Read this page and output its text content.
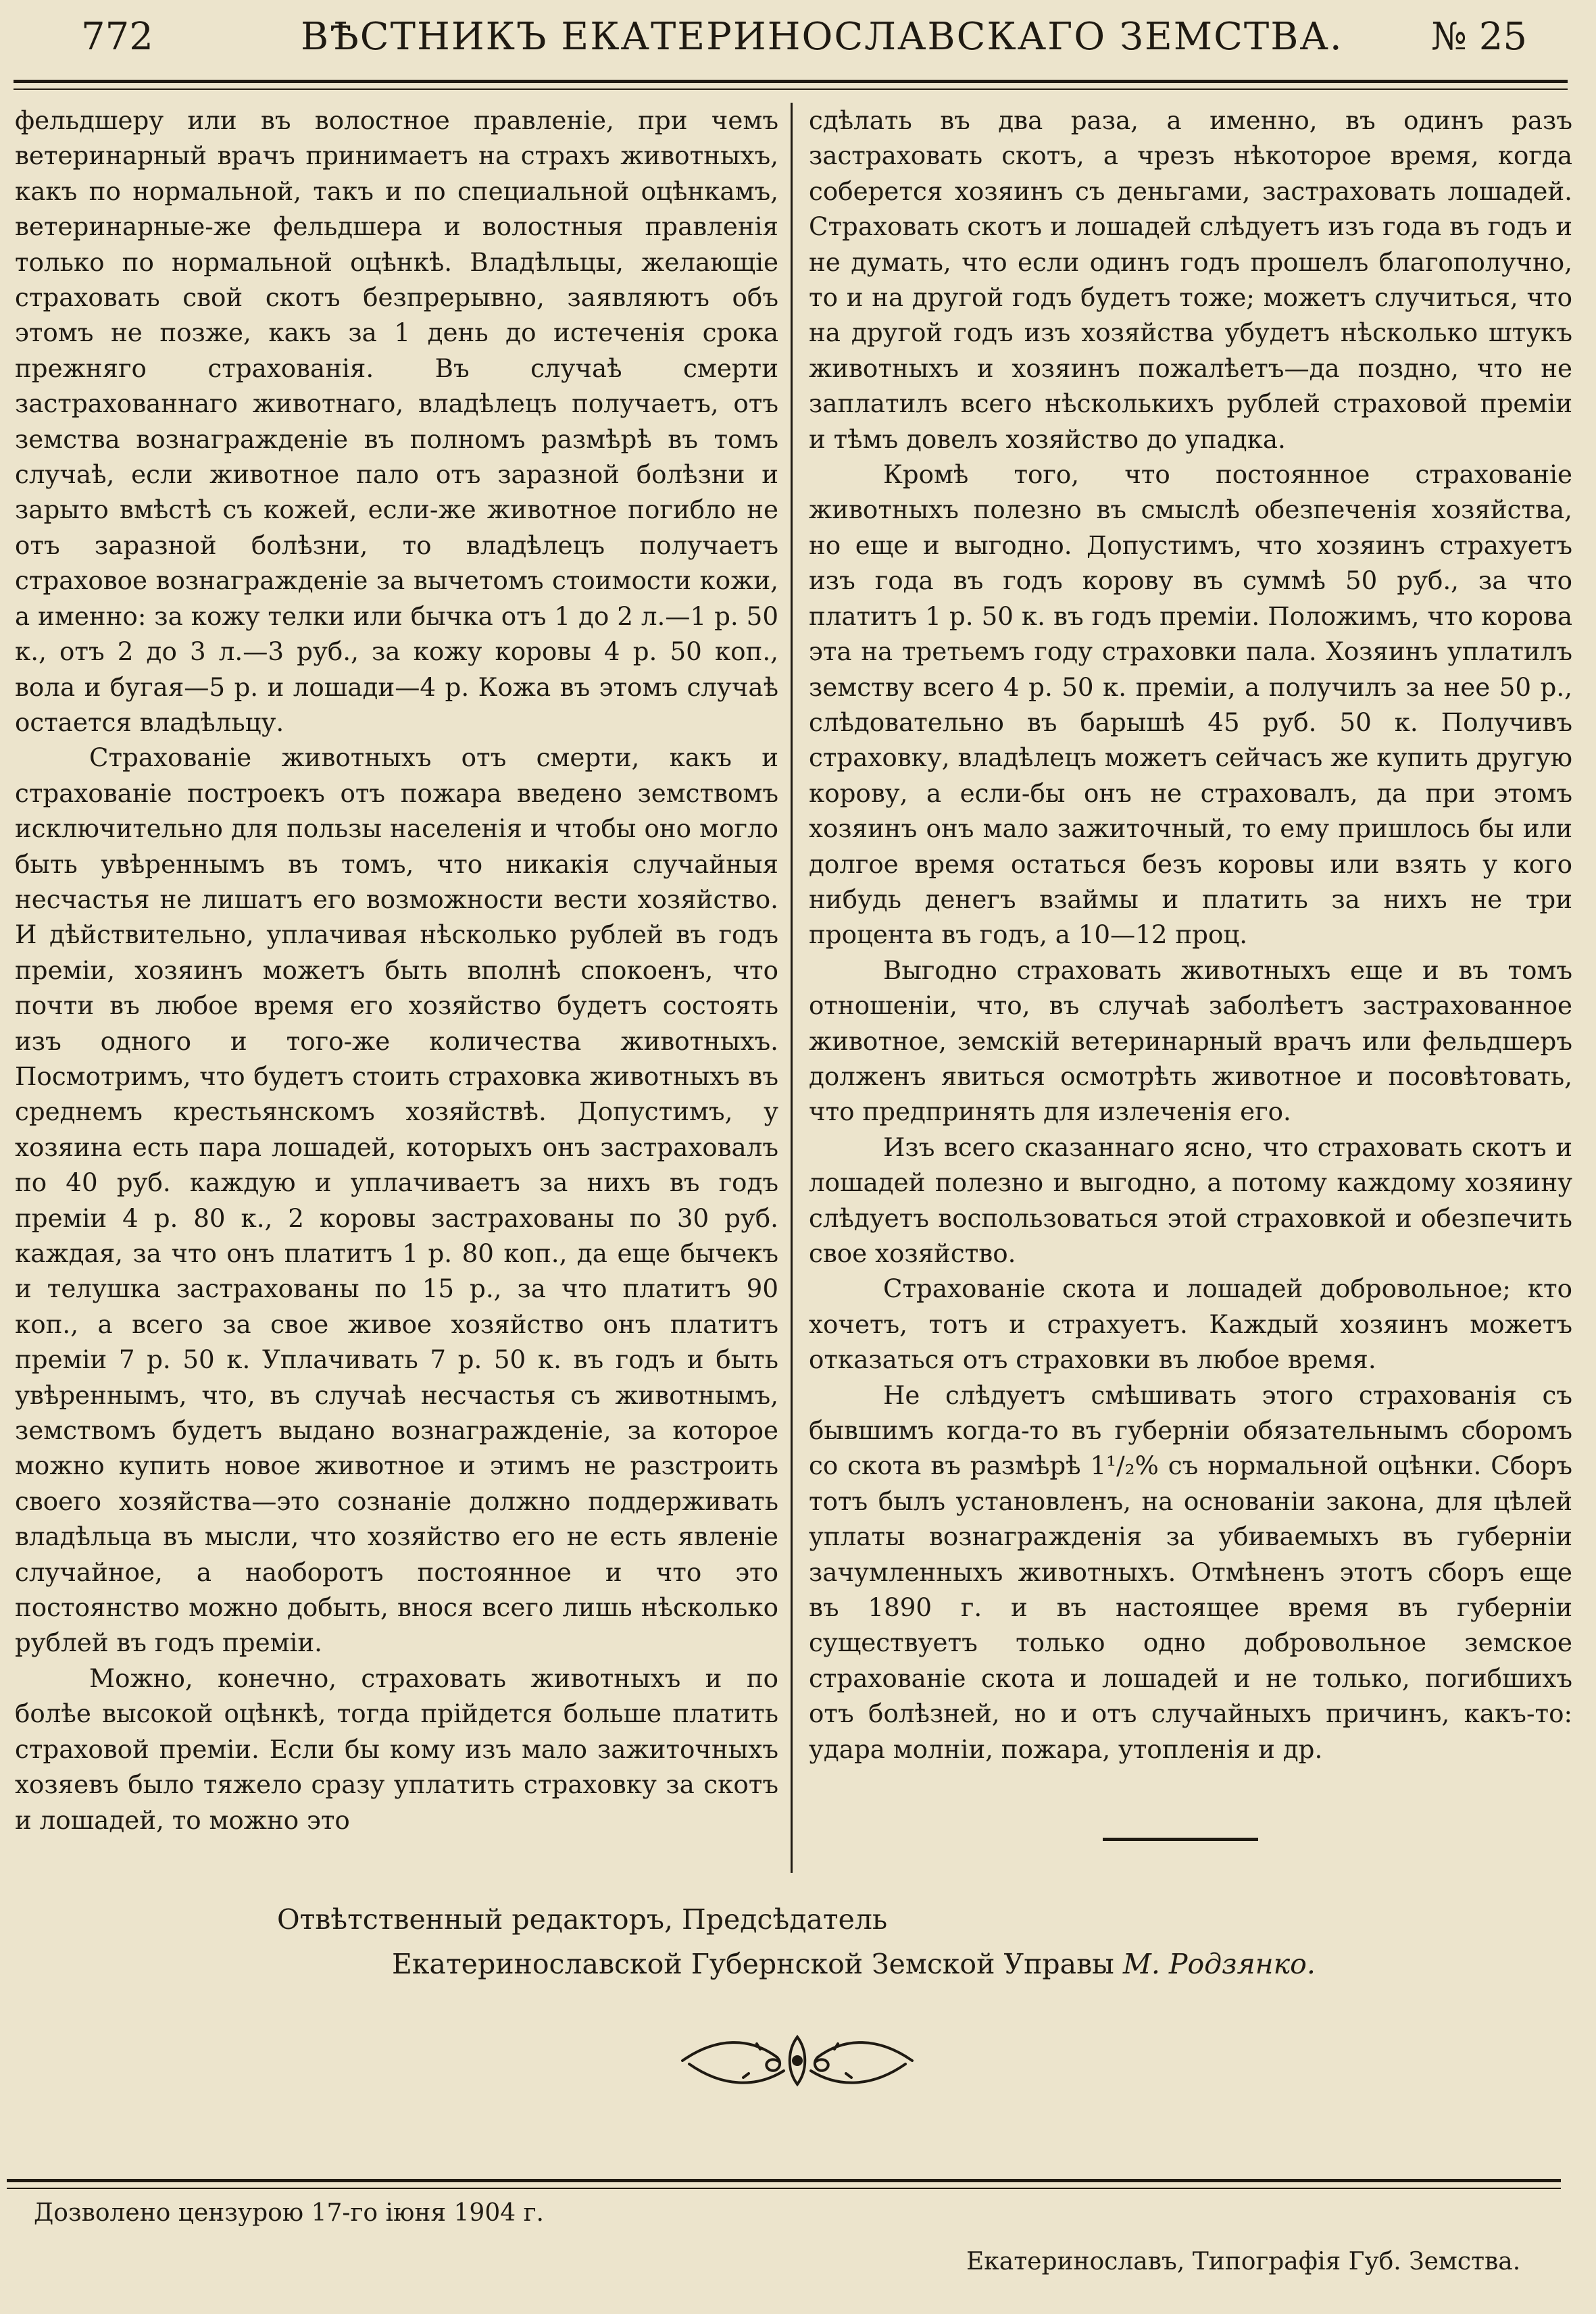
772	ВѢСТНИКЪ ЕКАТЕРИНОСЛАВСКАГО ЗЕМСТВА. № 25

фельдшеру или въ волостное правленіе, при чемъ ветеринарный врачъ принимаетъ на страхъ животныхъ, какъ по нормальной, такъ и по специальной оцѣнкамъ, ветеринарные-же фельдшера и волостныя правленія только по нормальной оцѣнкѣ. Владѣльцы, желающіе страховать свой скотъ безпрерывно, заявляютъ объ этомъ не позже, какъ за 1 день до истеченія срока прежняго страхованія. Въ случаѣ смерти застрахованнаго животнаго, владѣлецъ получаетъ, отъ земства вознагражденіе въ полномъ размѣрѣ въ томъ случаѣ, если животное пало отъ заразной болѣзни и зарыто вмѣстѣ съ кожей, если-же животное погибло не отъ заразной болѣзни, то владѣлецъ получаетъ страховое вознагражденіе за вычетомъ стоимости кожи, а именно: за кожу телки или бычка отъ 1 до 2 л.—1 р. 50 к., отъ 2 до 3 л.—3 руб., за кожу коровы 4 р. 50 коп., вола и бугая—5 р. и лошади—4 р. Кожа въ этомъ случаѣ остается владѣльцу.

Страхованіе животныхъ отъ смерти, какъ и страхованіе построекъ отъ пожара введено земствомъ исключительно для пользы населенія и чтобы оно могло быть увѣреннымъ въ томъ, что никакія случайныя несчастья не лишатъ его возможности вести хозяйство. И дѣйствительно, уплачивая нѣсколько рублей въ годъ преміи, хозяинъ можетъ быть вполнѣ спокоенъ, что почти въ любое время его хозяйство будетъ состоять изъ одного и того-же количества животныхъ. Посмотримъ, что будетъ стоить страховка животныхъ въ среднемъ крестьянскомъ хозяйствѣ. Допустимъ, у хозяина есть пара лошадей, которыхъ онъ застраховалъ по 40 руб. каждую и уплачиваетъ за нихъ въ годъ преміи 4 р. 80 к., 2 коровы застрахованы по 30 руб. каждая, за что онъ платитъ 1 р. 80 коп., да еще бычекъ и телушка застрахованы по 15 р., за что платитъ 90 коп., а всего за свое живое хозяйство онъ платитъ преміи 7 р. 50 к. Уплачивать 7 р. 50 к. въ годъ и быть увѣреннымъ, что, въ случаѣ несчастья съ животнымъ, земствомъ будетъ выдано вознагражденіе, за которое можно купить новое животное и этимъ не разстроить своего хозяйства—это сознаніе должно поддерживать владѣльца въ мысли, что хозяйство его не есть явленіе случайное, а наоборотъ постоянное и что это постоянство можно добыть, внося всего лишь нѣсколько рублей въ годъ преміи.

Можно, конечно, страховать животныхъ и по болѣе высокой оцѣнкѣ, тогда прійдется больше платить страховой преміи. Если бы кому изъ мало зажиточныхъ хозяевъ было тяжело сразу уплатить страховку за скотъ и лошадей, то можно это

сдѣлать въ два раза, а именно, въ одинъ разъ застраховать скотъ, а чрезъ нѣкоторое время, когда соберется хозяинъ съ деньгами, застраховать лошадей. Страховать скотъ и лошадей слѣдуетъ изъ года въ годъ и не думать, что если одинъ годъ прошелъ благополучно, то и на другой годъ будетъ тоже; можетъ случиться, что на другой годъ изъ хозяйства убудетъ нѣсколько штукъ животныхъ и хозяинъ пожалѣетъ—да поздно, что не заплатилъ всего нѣсколькихъ рублей страховой преміи и тѣмъ довелъ хозяйство до упадка.

Кромѣ того, что постоянное страхованіе животныхъ полезно въ смыслѣ обезпеченія хозяйства, но еще и выгодно. Допустимъ, что хозяинъ страхуетъ изъ года въ годъ корову въ суммѣ 50 руб., за что платитъ 1 р. 50 к. въ годъ преміи. Положимъ, что корова эта на третьемъ году страховки пала. Хозяинъ уплатилъ земству всего 4 р. 50 к. преміи, а получилъ за нее 50 р., слѣдовательно въ барышѣ 45 руб. 50 к. Получивъ страховку, владѣлецъ можетъ сейчасъ же купить другую корову, а если-бы онъ не страховалъ, да при этомъ хозяинъ онъ мало зажиточный, то ему пришлось бы или долгое время остаться безъ коровы или взять у кого нибудь денегъ взаймы и платить за нихъ не три процента въ годъ, а 10—12 проц.

Выгодно страховать животныхъ еще и въ томъ отношеніи, что, въ случаѣ заболѣетъ застрахованное животное, земскій ветеринарный врачъ или фельдшеръ долженъ явиться осмотрѣть животное и посовѣтовать, что предпринять для излеченія его.

Изъ всего сказаннаго ясно, что страховать скотъ и лошадей полезно и выгодно, а потому каждому хозяину слѣдуетъ воспользоваться этой страховкой и обезпечить свое хозяйство.

Страхованіе скота и лошадей добровольное; кто хочетъ, тотъ и страхуетъ. Каждый хозяинъ можетъ отказаться отъ страховки въ любое время.

Не слѣдуетъ смѣшивать этого страхованія съ бывшимъ когда-то въ губерніи обязательнымъ сборомъ со скота въ размѣрѣ 1¹/₂% съ нормальной оцѣнки. Сборъ тотъ былъ установленъ, на основаніи закона, для цѣлей уплаты вознагражденія за убиваемыхъ въ губерніи зачумленныхъ животныхъ. Отмѣненъ этотъ сборъ еще въ 1890 г. и въ настоящее время въ губерніи существуетъ только одно добровольное земское страхованіе скота и лошадей и не только, погибшихъ отъ болѣзней, но и отъ случайныхъ причинъ, какъ-то: удара молніи, пожара, утопленія и др.

Отвѣтственный редакторъ, Предсѣдатель
Екатеринославской Губернской Земской Управы М. Родзянко.
Дозволено цензурою 17-го іюня 1904 г.
Екатеринославъ, Типографія Губ. Земства.
